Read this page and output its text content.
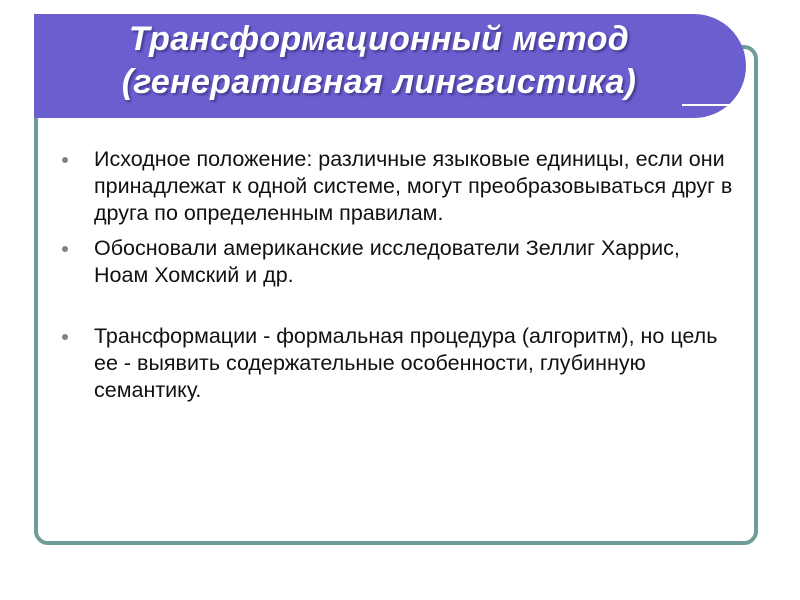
Трансформационный метод
(генеративная лингвистика)
Исходное положение: различные языковые единицы, если они принадлежат к одной системе, могут преобразовываться друг в друга по определенным правилам.
Обосновали американские исследователи Зеллиг Харрис, Ноам Хомский и др.
Трансформации - формальная процедура (алгоритм), но цель ее - выявить содержательные особенности, глубинную семантику.
